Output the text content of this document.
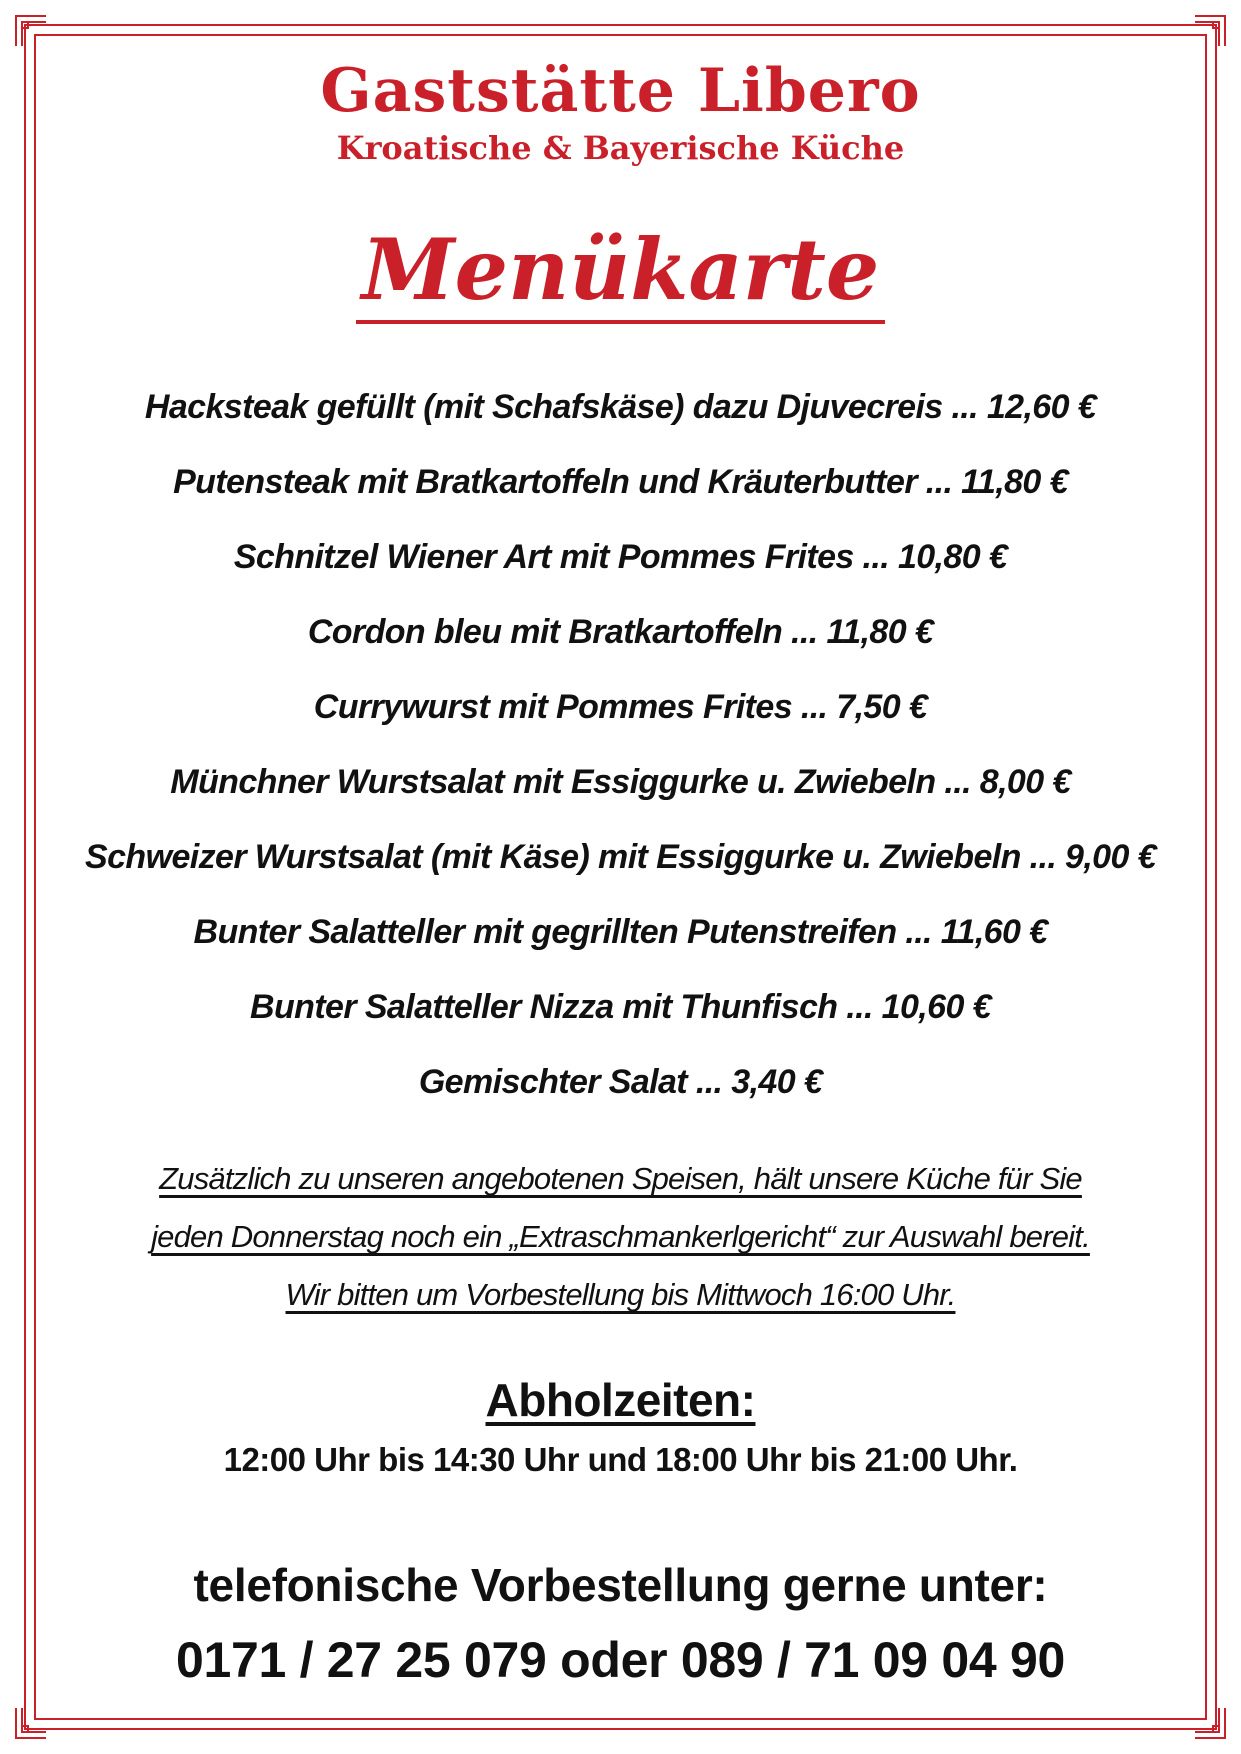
Gaststätte Libero
Kroatische & Bayerische Küche
Menükarte
Hacksteak gefüllt (mit Schafskäse) dazu Djuvecreis ... 12,60 €
Putensteak mit Bratkartoffeln und Kräuterbutter ... 11,80 €
Schnitzel Wiener Art mit Pommes Frites ... 10,80 €
Cordon bleu mit Bratkartoffeln ... 11,80 €
Currywurst mit Pommes Frites ... 7,50 €
Münchner Wurstsalat mit Essiggurke u. Zwiebeln ... 8,00 €
Schweizer Wurstsalat (mit Käse) mit Essiggurke u. Zwiebeln ... 9,00 €
Bunter Salatteller mit gegrillten Putenstreifen ... 11,60 €
Bunter Salatteller Nizza mit Thunfisch ... 10,60 €
Gemischter Salat ... 3,40 €
Zusätzlich zu unseren angebotenen Speisen, hält unsere Küche für Sie
jeden Donnerstag noch ein „Extraschmankerlgericht“ zur Auswahl bereit.
Wir bitten um Vorbestellung bis Mittwoch 16:00 Uhr.
Abholzeiten:
12:00 Uhr bis 14:30 Uhr und 18:00 Uhr bis 21:00 Uhr.
telefonische Vorbestellung gerne unter:
0171 / 27 25 079 oder 089 / 71 09 04 90
